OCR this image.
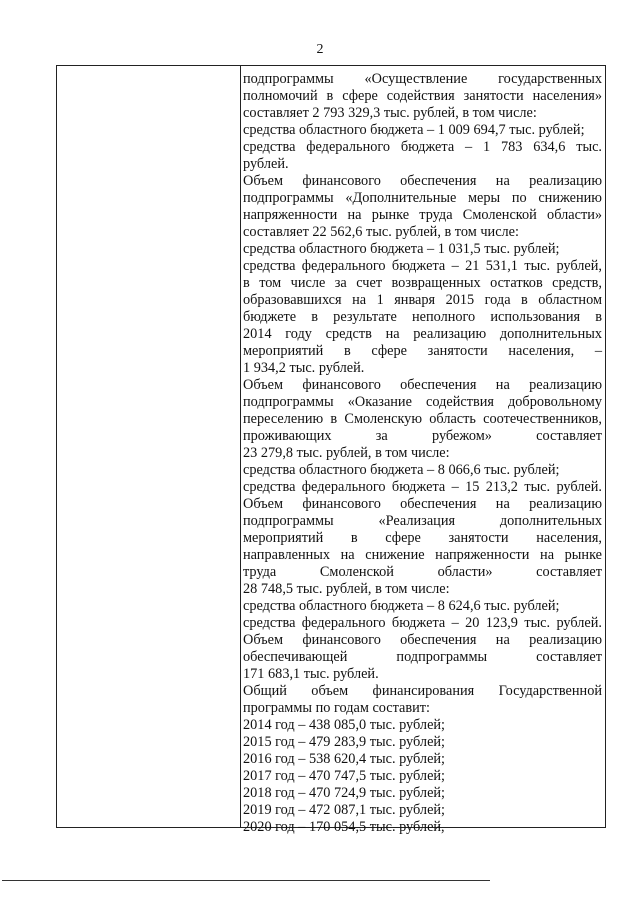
2
подпрограммы «Осуществление государственных
полномочий в сфере содействия занятости населения»
составляет 2 793 329,3 тыс. рублей, в том числе:
средства областного бюджета – 1 009 694,7 тыс. рублей;
средства федерального бюджета – 1 783 634,6 тыс.
рублей.
Объем финансового обеспечения на реализацию
подпрограммы «Дополнительные меры по снижению
напряженности на рынке труда Смоленской области»
составляет 22 562,6 тыс. рублей, в том числе:
средства областного бюджета – 1 031,5 тыс. рублей;
средства федерального бюджета – 21 531,1 тыс. рублей,
в том числе за счет возвращенных остатков средств,
образовавшихся на 1 января 2015 года в областном
бюджете в результате неполного использования в
2014 году средств на реализацию дополнительных
мероприятий в сфере занятости населения, –
1 934,2 тыс. рублей.
Объем финансового обеспечения на реализацию
подпрограммы «Оказание содействия добровольному
переселению в Смоленскую область соотечественников,
проживающих за рубежом» составляет
23 279,8 тыс. рублей, в том числе:
средства областного бюджета – 8 066,6 тыс. рублей;
средства федерального бюджета – 15 213,2 тыс. рублей.
Объем финансового обеспечения на реализацию
подпрограммы «Реализация дополнительных
мероприятий в сфере занятости населения,
направленных на снижение напряженности на рынке
труда Смоленской области» составляет
28 748,5 тыс. рублей, в том числе:
средства областного бюджета – 8 624,6 тыс. рублей;
средства федерального бюджета – 20 123,9 тыс. рублей.
Объем финансового обеспечения на реализацию
обеспечивающей подпрограммы составляет
171 683,1 тыс. рублей.
Общий объем финансирования Государственной
программы по годам составит:
2014 год – 438 085,0 тыс. рублей;
2015 год – 479 283,9 тыс. рублей;
2016 год – 538 620,4 тыс. рублей;
2017 год – 470 747,5 тыс. рублей;
2018 год – 470 724,9 тыс. рублей;
2019 год – 472 087,1 тыс. рублей;
2020 год – 170 054,5 тыс. рублей,
